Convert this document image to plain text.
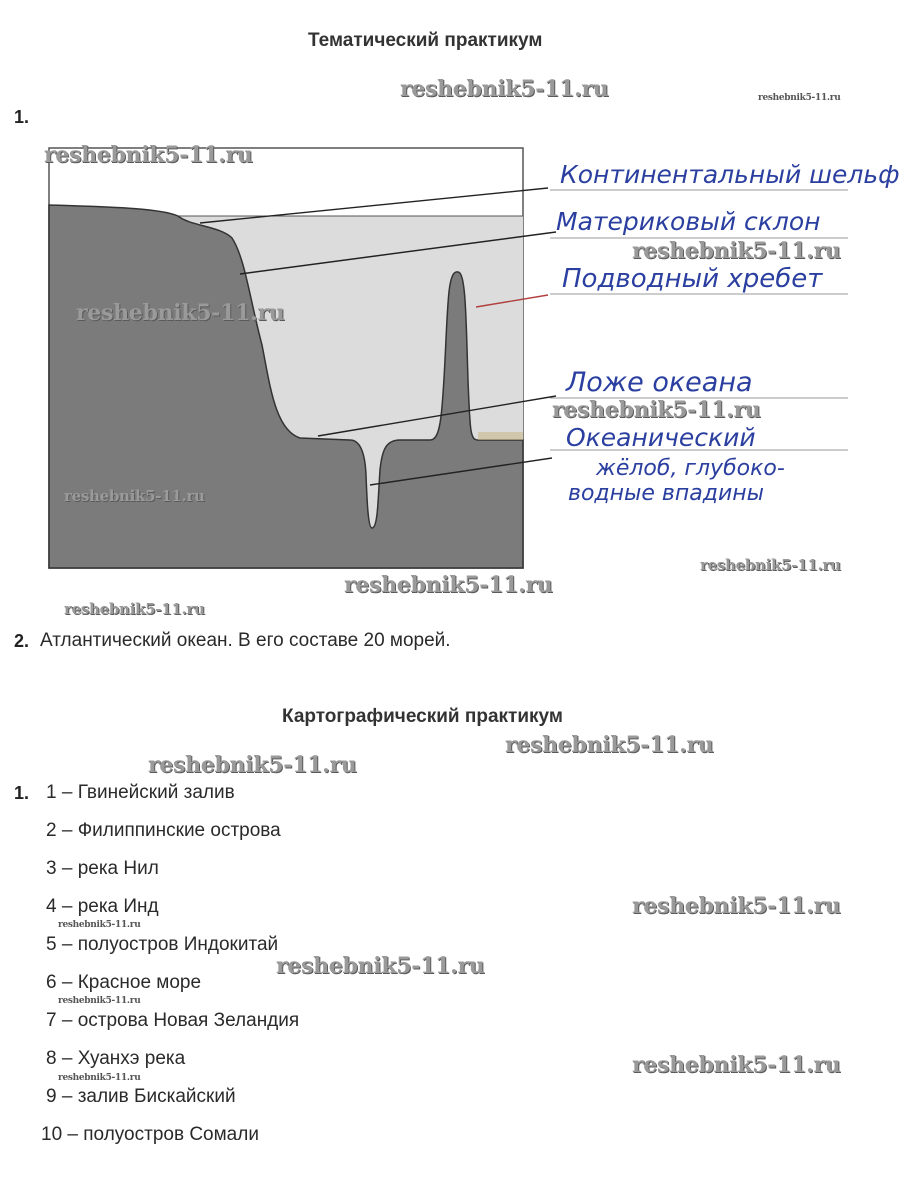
Тематический практикум
1.
Континентальный шельф
Материковый склон
Подводный хребет
Ложе океана
Океанический
жёлоб, глубоко-
водные впадины
2. Атлантический океан. В его составе 20 морей.
Картографический практикум
1. 1 – Гвинейский залив
2 – Филиппинские острова
3 – река Нил
4 – река Инд
5 – полуостров Индокитай
6 – Красное море
7 – острова Новая Зеландия
8 – Хуанхэ река
9 – залив Бискайский
10 – полуостров Сомали
reshebnik5-11.ru	reshebnik5-11.ru
reshebnik5-11.ru
reshebnik5-11.ru
reshebnik5-11.ru
reshebnik5-11.ru
reshebnik5-11.ru
reshebnik5-11.ru
reshebnik5-11.ru
reshebnik5-11.ru
reshebnik5-11.ru
reshebnik5-11.ru
reshebnik5-11.ru
reshebnik5-11.ru
reshebnik5-11.ru
reshebnik5-11.ru
reshebnik5-11.ru
reshebnik5-11.ru
